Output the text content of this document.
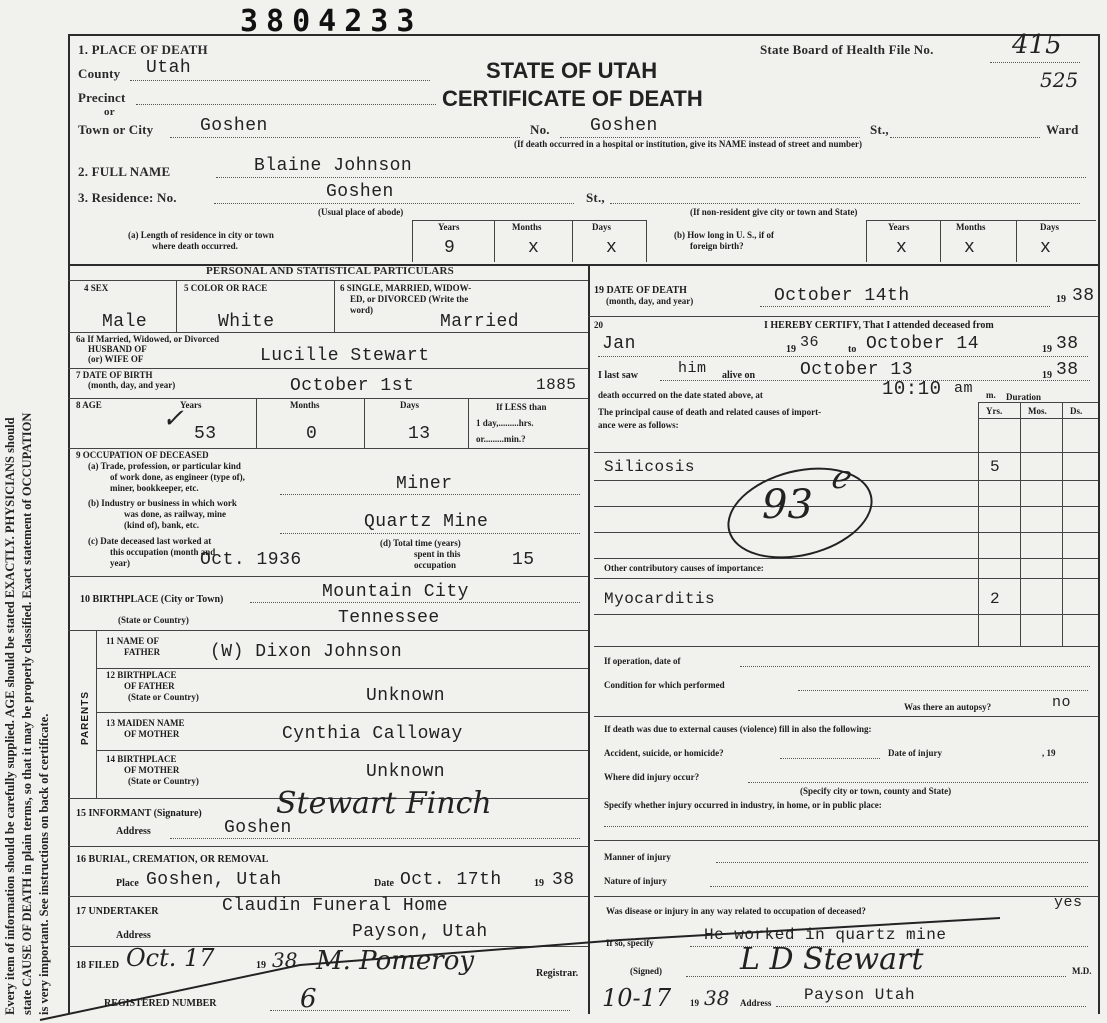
Every item of information should be carefully supplied. AGE should be stated EXACTLY. PHYSICIANS should state CAUSE OF DEATH in plain terms, so that it may be properly classified. Exact statement of OCCUPATION is very important. See instructions on back of certificate.
3804233
1. PLACE OF DEATH	State Board of Health File No.	415
525
STATE OF UTAH
CERTIFICATE OF DEATH
County Utah
Precinct
or
Town or City	Goshen	No. Goshen	St.,	Ward
(If death occurred in a hospital or institution, give its NAME instead of street and number)
2. FULL NAME	Blaine Johnson
3. Residence: No.	Goshen	St.,
(Usual place of abode)	(If non-resident give city or town and State)
(a) Length of residence in city or town
where death occurred.
Years	Months	Days
9	x	x
(b) How long in U. S., if of
foreign birth?
Years	Months	Days
x	x	x
PERSONAL AND STATISTICAL PARTICULARS
4 SEX	5 COLOR OR RACE	6 SINGLE, MARRIED, WIDOW-
ED, or DIVORCED (Write the
word)
Male	White	Married
6a If Married, Widowed, or Divorced
HUSBAND OF
(or) WIFE OF	Lucille Stewart
7 DATE OF BIRTH
(month, day, and year)	October 1st	1885
8 AGE	Years	Months	Days	If LESS than
1 day,.........hrs.
or.........min.?
✓ 53	0	13
9 OCCUPATION OF DECEASED
(a) Trade, profession, or particular kind
of work done, as engineer (type of),
miner, bookkeeper, etc.	Miner
(b) Industry or business in which work
was done, as railway, mine
(kind of), bank, etc.	Quartz Mine
(c) Date deceased last worked at
this occupation (month and
year)	Oct. 1936
(d) Total time (years)
spent in this
occupation	15
10 BIRTHPLACE (City or Town)	Mountain City
(State or Country)	Tennessee
PARENTS
11 NAME OF
FATHER	(W) Dixon Johnson
12 BIRTHPLACE
OF FATHER
(State or Country)	Unknown
13 MAIDEN NAME
OF MOTHER	Cynthia Calloway
14 BIRTHPLACE
OF MOTHER
(State or Country)	Unknown
15 INFORMANT (Signature) Stewart Finch
Address	Goshen
16 BURIAL, CREMATION, OR REMOVAL
Place Goshen, Utah	Date Oct. 17th	19 38
17 UNDERTAKER	Claudin Funeral Home
Address	Payson, Utah
18 FILED Oct. 17	19 38 M. Pomeroy	Registrar.
REGISTERED NUMBER	6
19 DATE OF DEATH
(month, day, and year)	October 14th	19 38
20	I HEREBY CERTIFY, That I attended deceased from
Jan	19 36	to October 14	19 38
I last saw	him alive on October 13	19 38
death occurred on the date stated above, at	10:10 am m. Duration
The principal cause of death and related causes of import-
ance were as follows:
Yrs.	Mos.	Ds.
Silicosis	5
93
ℯ
Other contributory causes of importance:
Myocarditis	2
If operation, date of
Condition for which performed
Was there an autopsy?	no
If death was due to external causes (violence) fill in also the following:
Accident, suicide, or homicide?	Date of injury	, 19
Where did injury occur?
(Specify city or town, county and State)
Specify whether injury occurred in industry, in home, or in public place:
Manner of injury
Nature of injury
Was disease or injury in any way related to occupation of deceased?	yes
If so, specify	He worked in quartz mine
(Signed)	L D Stewart	M.D.
10-17 19 38 Address Payson Utah
